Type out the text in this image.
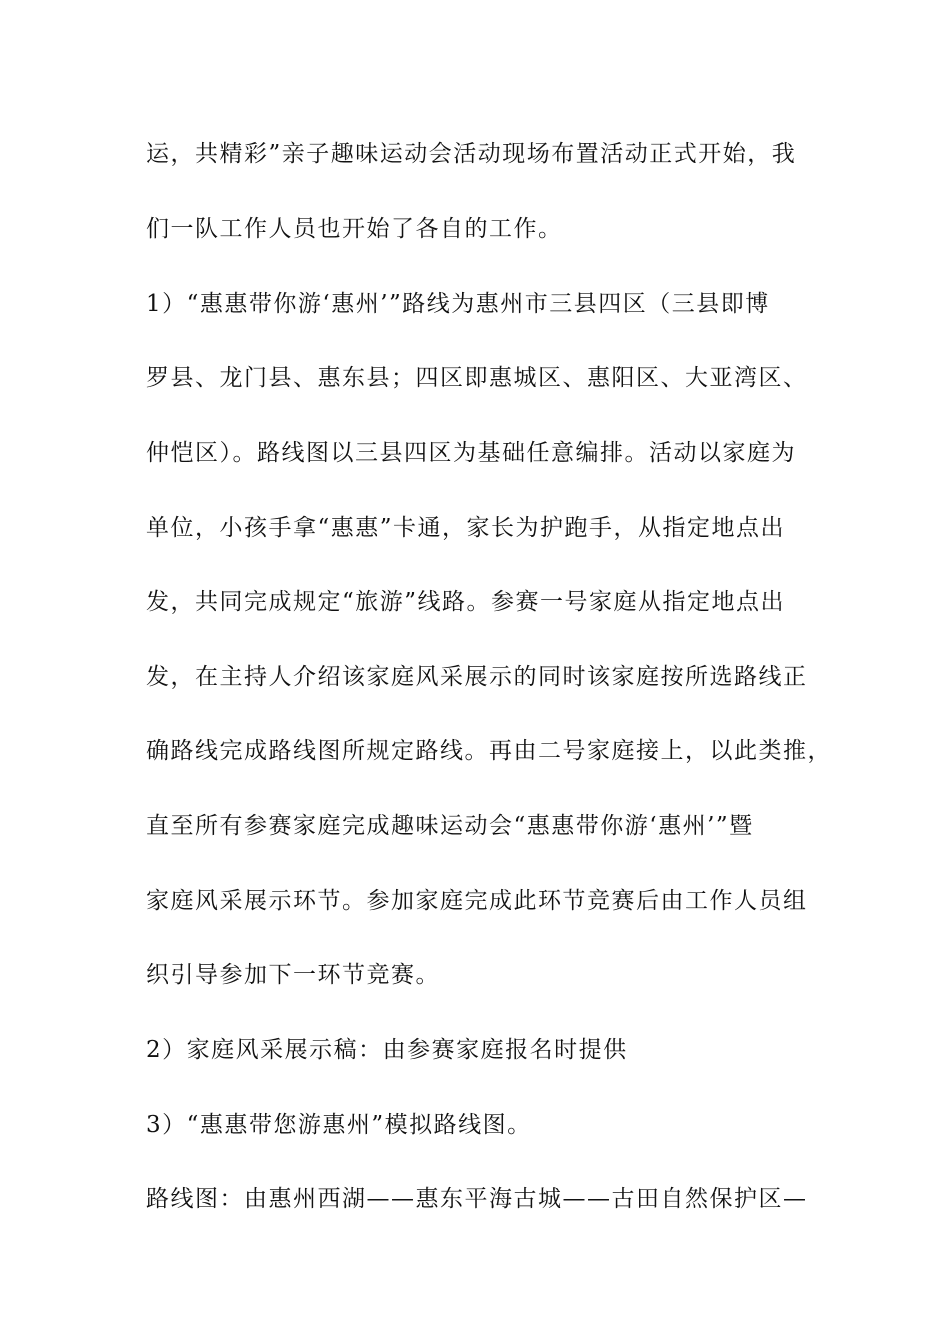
运，共精彩”亲子趣味运动会活动现场布置活动正式开始，我
们一队工作人员也开始了各自的工作。
1）“惠惠带你游‘惠州’”路线为惠州市三县四区（三县即博
罗县、龙门县、惠东县；四区即惠城区、惠阳区、大亚湾区、
仲恺区）。路线图以三县四区为基础任意编排。活动以家庭为
单位，小孩手拿“惠惠”卡通，家长为护跑手，从指定地点出
发，共同完成规定“旅游”线路。参赛一号家庭从指定地点出
发，在主持人介绍该家庭风采展示的同时该家庭按所选路线正
确路线完成路线图所规定路线。再由二号家庭接上，以此类推，
直至所有参赛家庭完成趣味运动会“惠惠带你游‘惠州’”暨
家庭风采展示环节。参加家庭完成此环节竞赛后由工作人员组
织引导参加下一环节竞赛。
2）家庭风采展示稿：由参赛家庭报名时提供
3）“惠惠带您游惠州”模拟路线图。
路线图：由惠州西湖——惠东平海古城——古田自然保护区—
